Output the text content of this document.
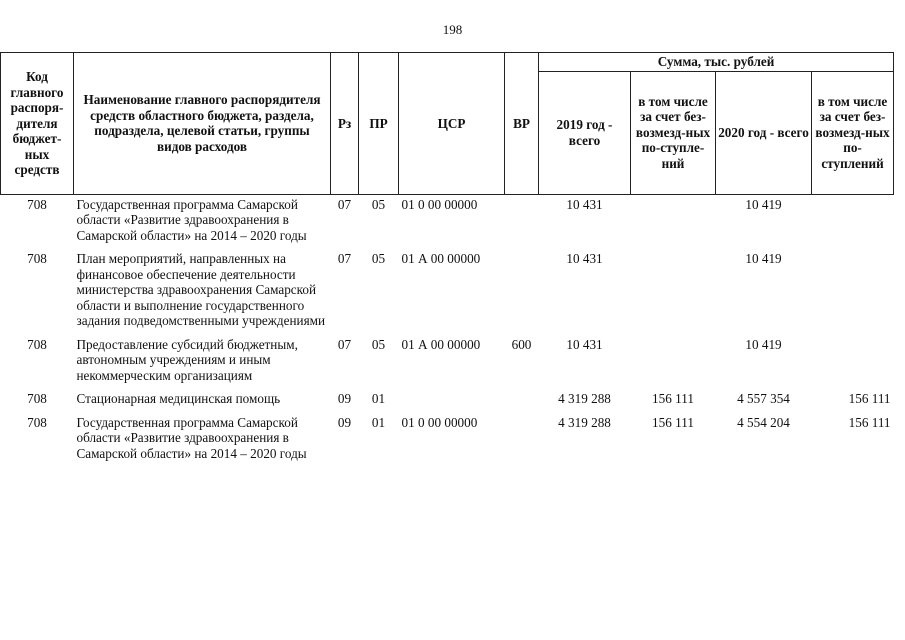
198
Код главного распоря-дителя бюджет-ных средств	Наименование главного распорядителя средств областного бюджета, раздела, подраздела, целевой статьи, группы видов расходов	Рз	ПР	ЦСР	ВР	Сумма, тыс. рублей			
						2019 год - всего	в том числе за счет без-возмезд-ных по-ступле-ний	2020 год - всего	в том числе за счет без-возмезд-ных по-ступлений
708	Государственная программа Самарской области «Развитие здравоохранения в Самарской области» на 2014 – 2020 годы	07	05	01 0 00 00000		10 431		10 419	
708	План мероприятий, направленных на финансовое обеспечение деятельности министерства здравоохранения Самарской области и выполнение государственного задания подведомственными учреждениями	07	05	01 А 00 00000		10 431		10 419	
708	Предоставление субсидий бюджетным, автономным учреждениям и иным некоммерческим организациям	07	05	01 А 00 00000	600	10 431		10 419	
708	Стационарная медицинская помощь	09	01			4 319 288	156 111	4 557 354	156 111
708	Государственная программа Самарской области «Развитие здравоохранения в Самарской области» на 2014 – 2020 годы	09	01	01 0 00 00000		4 319 288	156 111	4 554 204	156 111
